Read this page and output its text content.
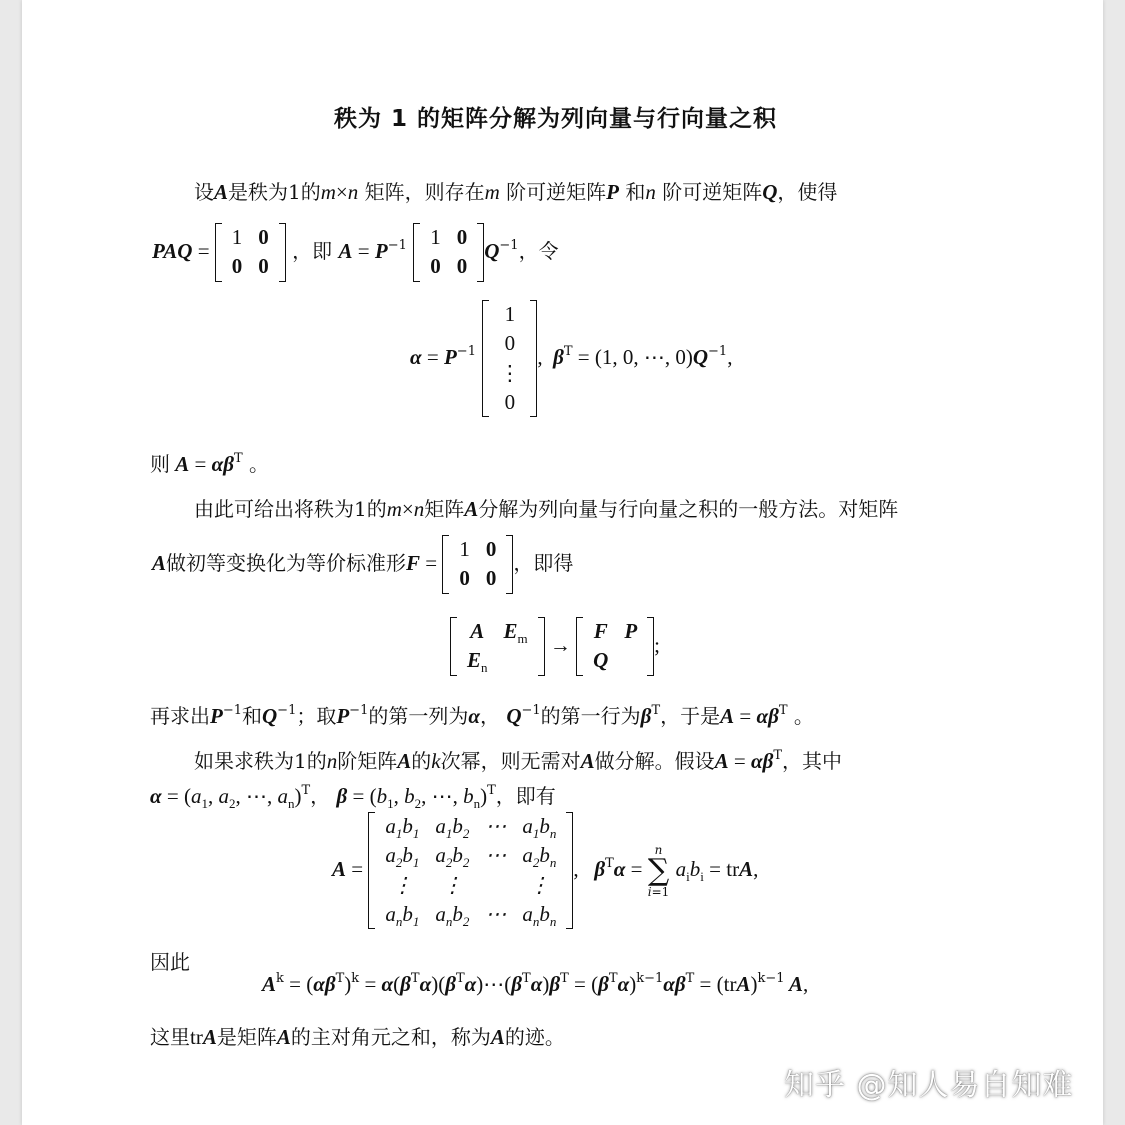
秩为 1 的矩阵分解为列向量与行向量之积
设A是秩为1的m×n 矩阵，则存在m 阶可逆矩阵P 和n 阶可逆矩阵Q，使得
PAQ =
1	0
0	0
，即 $A = P^{-1}$ 1	0
0	0
$Q^{-1}$，令
$\alpha = P^{-1}$
1
0
⋮
0
,  $\beta^T = (1$, 0, ⋯, $0)Q^{-1}$,
则 $A = \alpha\beta^T$ 。
由此可给出将秩为1的m×n矩阵A分解为列向量与行向量之积的一般方法。对矩阵
A做初等变换化为等价标准形F =
1	0
0	0
，即得
A	$E_m$
$E_n$	
→
F	P
Q	
;
再求出$P^{-1}$和$Q^{-1}$；取$P^{-1}$的第一列为α， $Q^{-1}$的第一行为$\beta^T$，于是$A = \alpha\beta^T$ 。
如果求秩为1的n阶矩阵A的k次幂，则无需对A做分解。假设$A = \alpha\beta^T$，其中
$\alpha = (a_1$, $a_2$, ⋯, $a_n)^T$， $\beta = (b_1$, $b_2$, ⋯, $b_n)^T$，即有
A =
$a_1b_1$	$a_1b_2$	⋯	$a_1b_n$
$a_2b_1$	$a_2b_2$	⋯	$a_2b_n$
⋮	⋮		⋮
$a_nb_1$	$a_nb_2$	⋯	$a_nb_n$
,   $\beta^T\alpha$ =
n
∑
i=1
$a_ib_i$ = trA,
因此
$A^k = (\alpha\beta^T)^k$ = $\alpha(\beta^T\alpha)(\beta^T\alpha)\cdots(\beta^T\alpha)\beta^T = (\beta^T\alpha)^{k-1}\alpha\beta^T = (trA)^{k-1}$ A,
这里trA是矩阵A的主对角元之和，称为A的迹。
知乎 @知人易自知难
